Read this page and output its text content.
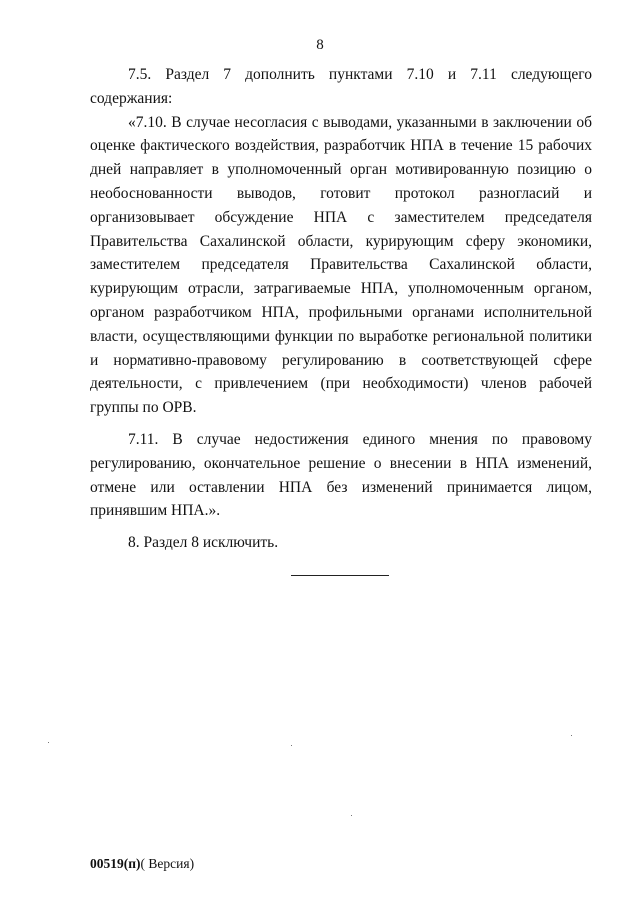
8

7.5. Раздел 7 дополнить пунктами 7.10 и 7.11 следующего содержания:

«7.10. В случае несогласия с выводами, указанными в заключении об оценке фактического воздействия, разработчик НПА в течение 15 рабочих дней направляет в уполномоченный орган мотивированную позицию о необоснованности выводов, готовит протокол разногласий и организовывает обсуждение НПА с заместителем председателя Правительства Сахалинской области, курирующим сферу экономики, заместителем председателя Правительства Сахалинской области, курирующим отрасли, затрагиваемые НПА, уполномоченным органом, органом разработчиком НПА, профильными органами исполнительной власти, осуществляющими функции по выработке региональной политики и нормативно-правовому регулированию в соответствующей сфере деятельности, с привлечением (при необходимости) членов рабочей группы по ОРВ.

7.11. В случае недостижения единого мнения по правовому регулированию, окончательное решение о внесении в НПА изменений, отмене или оставлении НПА без изменений принимается лицом, принявшим НПА.».

8. Раздел 8 исключить.

00519(п)( Версия)
